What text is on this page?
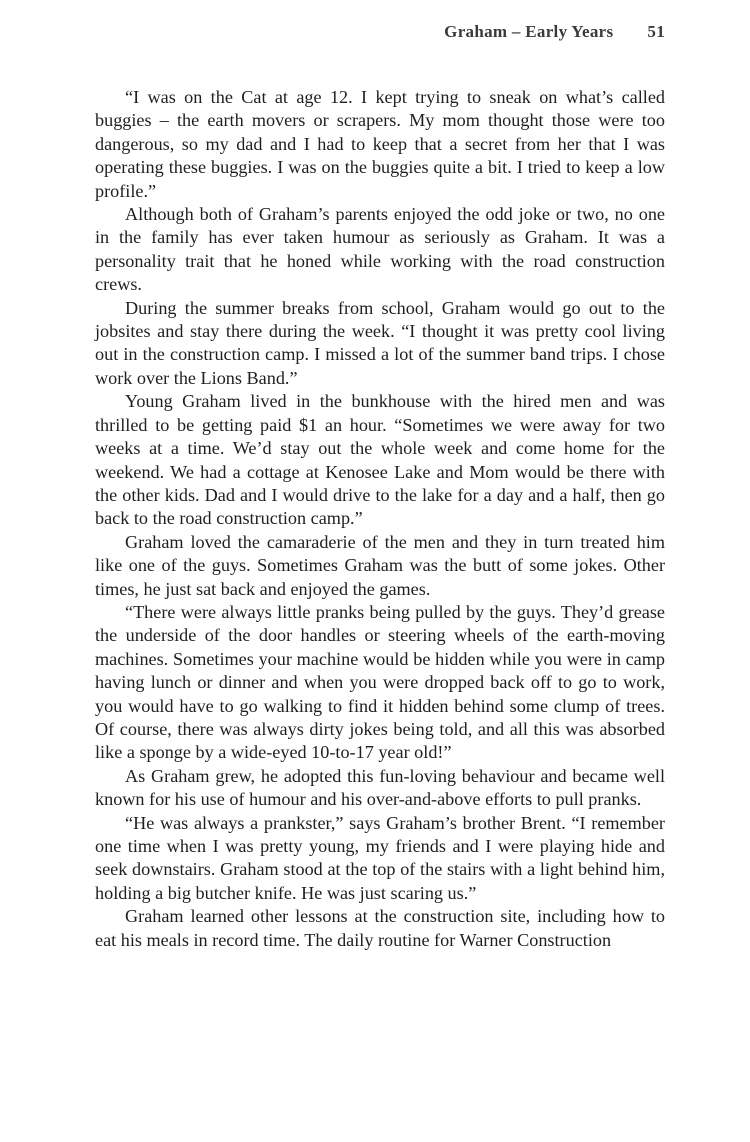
Graham – Early Years 51

“I was on the Cat at age 12. I kept trying to sneak on what’s called buggies – the earth movers or scrapers. My mom thought those were too dangerous, so my dad and I had to keep that a secret from her that I was operating these buggies. I was on the buggies quite a bit. I tried to keep a low profile.”

Although both of Graham’s parents enjoyed the odd joke or two, no one in the family has ever taken humour as seriously as Graham. It was a personality trait that he honed while working with the road construction crews.

During the summer breaks from school, Graham would go out to the jobsites and stay there during the week. “I thought it was pretty cool living out in the construction camp. I missed a lot of the summer band trips. I chose work over the Lions Band.”

Young Graham lived in the bunkhouse with the hired men and was thrilled to be getting paid $1 an hour. “Sometimes we were away for two weeks at a time. We’d stay out the whole week and come home for the weekend. We had a cottage at Kenosee Lake and Mom would be there with the other kids. Dad and I would drive to the lake for a day and a half, then go back to the road construction camp.”

Graham loved the camaraderie of the men and they in turn treated him like one of the guys. Sometimes Graham was the butt of some jokes. Other times, he just sat back and enjoyed the games.

“There were always little pranks being pulled by the guys. They’d grease the underside of the door handles or steering wheels of the earth-moving machines. Sometimes your machine would be hidden while you were in camp having lunch or dinner and when you were dropped back off to go to work, you would have to go walking to find it hidden behind some clump of trees. Of course, there was always dirty jokes being told, and all this was absorbed like a sponge by a wide-eyed 10-to-17 year old!”

As Graham grew, he adopted this fun-loving behaviour and became well known for his use of humour and his over-and-above efforts to pull pranks.

“He was always a prankster,” says Graham’s brother Brent. “I remember one time when I was pretty young, my friends and I were playing hide and seek downstairs. Graham stood at the top of the stairs with a light behind him, holding a big butcher knife. He was just scaring us.”

Graham learned other lessons at the construction site, including how to eat his meals in record time. The daily routine for Warner Construction
